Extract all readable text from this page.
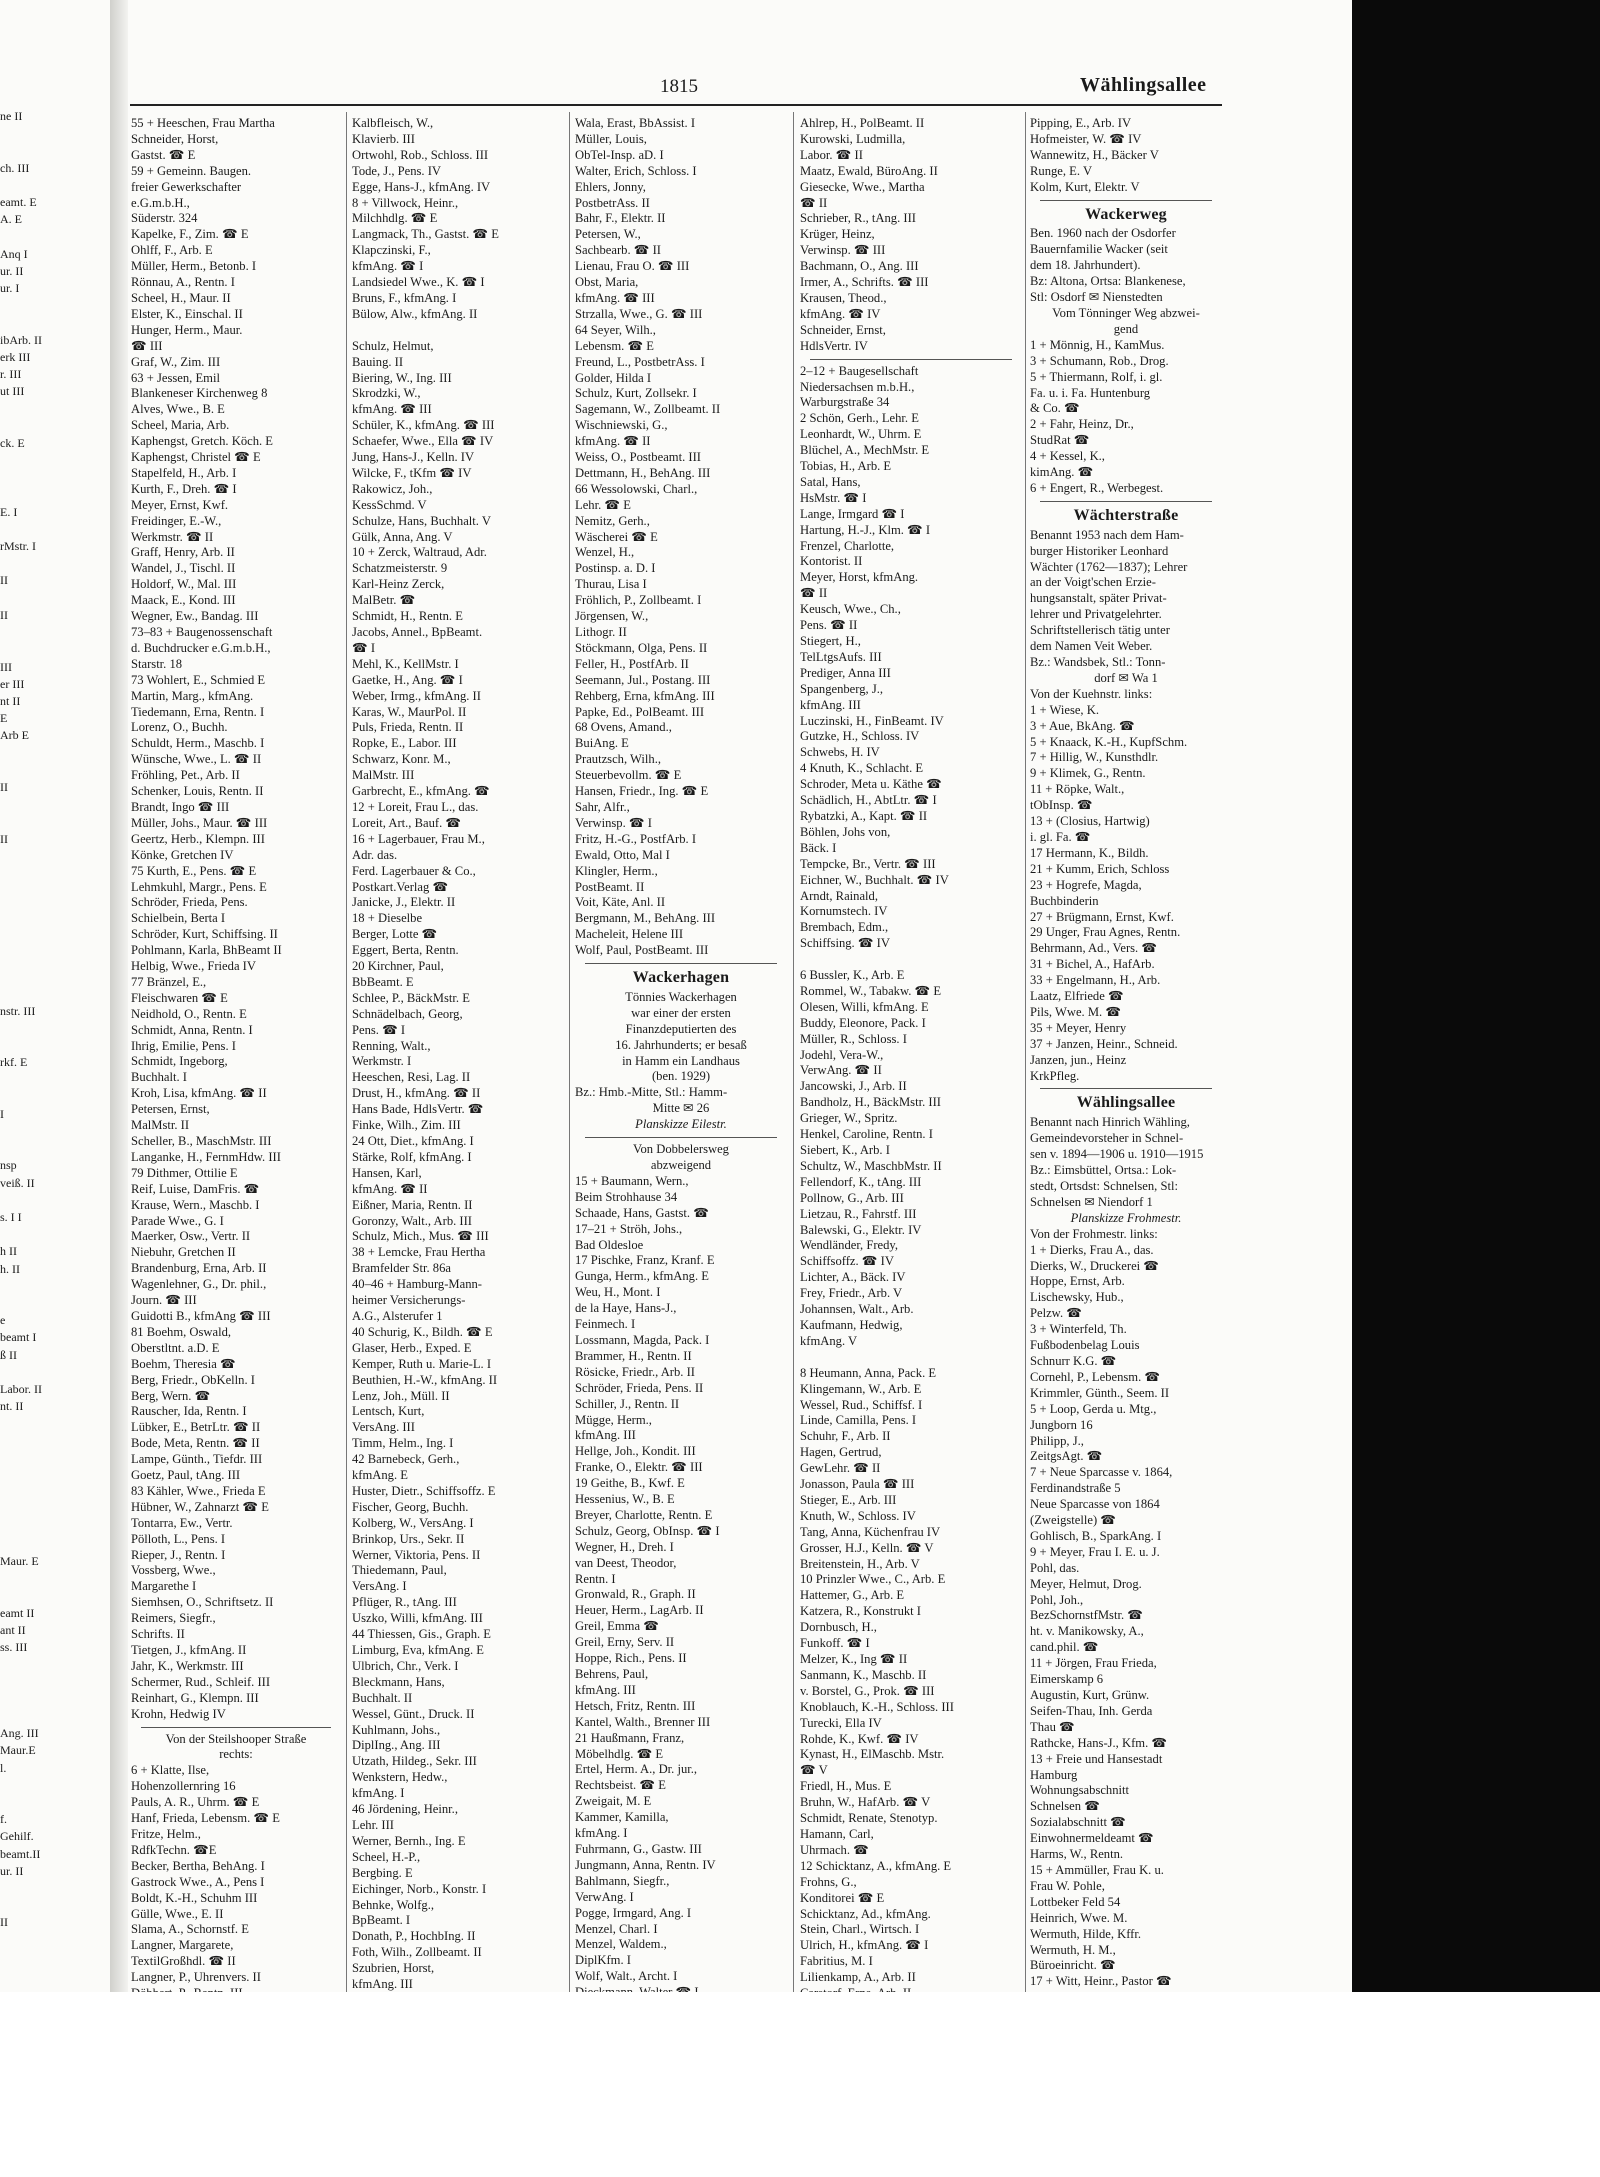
ne II

ch. III

eamt. E
A. E

Anq I
ur. II
ur. I

ibArb. II
erk III
r. III
ut III

ck. E

E. I

rMstr. I

II

II

III
er III
nt II
E
Arb E

II

II

nstr. III

rkf. E

I

nsp
veiß. II

s. I I

h II
h. II

e
beamt I
ß II

Labor. II
nt. II

Maur. E

eamt II
ant II
ss. III

Ang. III
Maur.E
l.

f.
Gehilf.
beamt.II
ur. II

II
1815	Wählingsallee
55 + Heeschen, Frau Martha
Schneider, Horst,
Gastst. ☎ E
59 + Gemeinn. Baugen.
freier Gewerkschafter
e.G.m.b.H.,
Süderstr. 324
Kapelke, F., Zim. ☎ E
Ohlff, F., Arb. E
Müller, Herm., Betonb. I
Rönnau, A., Rentn. I
Scheel, H., Maur. II
Elster, K., Einschal. II
Hunger, Herm., Maur.
☎ III
Graf, W., Zim. III
63 + Jessen, Emil
Blankeneser Kirchenweg 8
Alves, Wwe., B. E
Scheel, Maria, Arb.
Kaphengst, Gretch. Köch. E
Kaphengst, Christel ☎ E
Stapelfeld, H., Arb. I
Kurth, F., Dreh. ☎ I
Meyer, Ernst, Kwf.
Freidinger, E.-W.,
Werkmstr. ☎ II
Graff, Henry, Arb. II
Wandel, J., Tischl. II
Holdorf, W., Mal. III
Maack, E., Kond. III
Wegner, Ew., Bandag. III
73–83 + Baugenossenschaft
d. Buchdrucker e.G.m.b.H.,
Starstr. 18
73 Wohlert, E., Schmied E
Martin, Marg., kfmAng.
Tiedemann, Erna, Rentn. I
Lorenz, O., Buchh.
Schuldt, Herm., Maschb. I
Wünsche, Wwe., L. ☎ II
Fröhling, Pet., Arb. II
Schenker, Louis, Rentn. II
Brandt, Ingo ☎ III
Müller, Johs., Maur. ☎ III
Geertz, Herb., Klempn. III
Könke, Gretchen IV
75 Kurth, E., Pens. ☎ E
Lehmkuhl, Margr., Pens. E
Schröder, Frieda, Pens.
Schielbein, Berta I
Schröder, Kurt, Schiffsing. II
Pohlmann, Karla, BhBeamt II
Helbig, Wwe., Frieda IV
77 Bränzel, E.,
Fleischwaren ☎ E
Neidhold, O., Rentn. E
Schmidt, Anna, Rentn. I
Ihrig, Emilie, Pens. I
Schmidt, Ingeborg,
Buchhalt. I
Kroh, Lisa, kfmAng. ☎ II
Petersen, Ernst,
MalMstr. II
Scheller, B., MaschMstr. III
Langanke, H., FernmHdw. III
79 Dithmer, Ottilie E
Reif, Luise, DamFris. ☎
Krause, Wern., Maschb. I
Parade Wwe., G. I
Maerker, Osw., Vertr. II
Niebuhr, Gretchen II
Brandenburg, Erna, Arb. II
Wagenlehner, G., Dr. phil.,
Journ. ☎ III
Guidotti B., kfmAng ☎ III
81 Boehm, Oswald,
Oberstltnt. a.D. E
Boehm, Theresia ☎
Berg, Friedr., ObKelln. I
Berg, Wern. ☎
Rauscher, Ida, Rentn. I
Lübker, E., BetrLtr. ☎ II
Bode, Meta, Rentn. ☎ II
Lampe, Günth., Tiefdr. III
Goetz, Paul, tAng. III
83 Kähler, Wwe., Frieda E
Hübner, W., Zahnarzt ☎ E
Tontarra, Ew., Vertr.
Pölloth, L., Pens. I
Rieper, J., Rentn. I
Vossberg, Wwe.,
Margarethe I
Siemhsen, O., Schriftsetz. II
Reimers, Siegfr.,
Schrifts. II
Tietgen, J., kfmAng. II
Jahr, K., Werkmstr. III
Schermer, Rud., Schleif. III
Reinhart, G., Klempn. III
Krohn, Hedwig IV
Von der Steilshooper Straße
rechts:
6 + Klatte, Ilse,
Hohenzollernring 16
Pauls, A. R., Uhrm. ☎ E
Hanf, Frieda, Lebensm. ☎ E
Fritze, Helm.,
RdfkTechn. ☎E
Becker, Bertha, BehAng. I
Gastrock Wwe., A., Pens I
Boldt, K.-H., Schuhm III
Gülle, Wwe., E. II
Slama, A., Schornstf. E
Langner, Margarete,
TextilGroßhdl. ☎ II
Langner, P., Uhrenvers. II
Kalbfleisch, W.,
Klavierb. III
Ortwohl, Rob., Schloss. III
Tode, J., Pens. IV
Egge, Hans-J., kfmAng. IV
8 + Villwock, Heinr.,
Milchhdlg. ☎ E
Langmack, Th., Gastst. ☎ E
Klapczinski, F.,
kfmAng. ☎ I
Landsiedel Wwe., K. ☎ I
Bruns, F., kfmAng. I
Bülow, Alw., kfmAng. II

Schulz, Helmut,
Bauing. II
Biering, W., Ing. III
Skrodzki, W.,
kfmAng. ☎ III
Schüler, K., kfmAng. ☎ III
Schaefer, Wwe., Ella ☎ IV
Jung, Hans-J., Kelln. IV
Wilcke, F., tKfm ☎ IV
Rakowicz, Joh.,
KessSchmd. V
Schulze, Hans, Buchhalt. V
Gülk, Anna, Ang. V
10 + Zerck, Waltraud, Adr.
Schatzmeisterstr. 9
Karl-Heinz Zerck,
MalBetr. ☎
Schmidt, H., Rentn. E
Jacobs, Annel., BpBeamt.
☎ I
Mehl, K., KellMstr. I
Gaetke, H., Ang. ☎ I
Weber, Irmg., kfmAng. II
Karas, W., MaurPol. II
Puls, Frieda, Rentn. II
Ropke, E., Labor. III
Schwarz, Konr. M.,
MalMstr. III
Garbrecht, E., kfmAng. ☎
12 + Loreit, Frau L., das.
Loreit, Art., Bauf. ☎
16 + Lagerbauer, Frau M.,
Adr. das.
Ferd. Lagerbauer & Co.,
Postkart.Verlag ☎
Janicke, J., Elektr. II
18 + Dieselbe
Berger, Lotte ☎
Eggert, Berta, Rentn.
20 Kirchner, Paul,
BbBeamt. E
Schlee, P., BäckMstr. E
Schnädelbach, Georg,
Pens. ☎ I
Renning, Walt.,
Werkmstr. I
Heeschen, Resi, Lag. II
Drust, H., kfmAng. ☎ II
Hans Bade, HdlsVertr. ☎
Finke, Wilh., Zim. III
24 Ott, Diet., kfmAng. I
Stärke, Rolf, kfmAng. I
Hansen, Karl,
kfmAng. ☎ II
Eißner, Maria, Rentn. II
Goronzy, Walt., Arb. III
Schulz, Mich., Mus. ☎ III
38 + Lemcke, Frau Hertha
Bramfelder Str. 86a
40–46 + Hamburg-Mann-
heimer Versicherungs-
A.G., Alsterufer 1
40 Schurig, K., Bildh. ☎ E
Glaser, Herb., Exped. E
Kemper, Ruth u. Marie-L. I
Beuthien, H.-W., kfmAng. II
Lenz, Joh., Müll. II
Lentsch, Kurt,
VersAng. III
Timm, Helm., Ing. I
42 Barnebeck, Gerh.,
kfmAng. E
Huster, Dietr., Schiffsoffz. E
Fischer, Georg, Buchh.
Kolberg, W., VersAng. I
Brinkop, Urs., Sekr. II
Werner, Viktoria, Pens. II
Thiedemann, Paul,
VersAng. I
Pflüger, R., tAng. III
Uszko, Willi, kfmAng. III
44 Thiessen, Gis., Graph. E
Limburg, Eva, kfmAng. E
Ulbrich, Chr., Verk. I
Bleckmann, Hans,
Buchhalt. II
Wessel, Günt., Druck. II
Kuhlmann, Johs.,
DiplIng., Ang. III
Utzath, Hildeg., Sekr. III
Wenkstern, Hedw.,
kfmAng. I
46 Jördening, Heinr.,
Lehr. III
Werner, Bernh., Ing. E
Scheel, H.-P.,
Bergbing. E
Eichinger, Norb., Konstr. I
Behnke, Wolfg.,
BpBeamt. I
Donath, P., HochbIng. II
Foth, Wilh., Zollbeamt. II
Szubrien, Horst,
kfmAng. III
Wala, Erast, BbAssist. I
Müller, Louis,
ObTel-Insp. aD. I
Walter, Erich, Schloss. I
Ehlers, Jonny,
PostbetrAss. II
Bahr, F., Elektr. II
Petersen, W.,
Sachbearb. ☎ II
Lienau, Frau O. ☎ III
Obst, Maria,
kfmAng. ☎ III
Strzalla, Wwe., G. ☎ III
64 Seyer, Wilh.,
Lebensm. ☎ E
Freund, L., PostbetrAss. I
Golder, Hilda I
Schulz, Kurt, Zollsekr. I
Sagemann, W., Zollbeamt. II
Wischniewski, G.,
kfmAng. ☎ II
Weiss, O., Postbeamt. III
Dettmann, H., BehAng. III
66 Wessolowski, Charl.,
Lehr. ☎ E
Nemitz, Gerh.,
Wäscherei ☎ E
Wenzel, H.,
Postinsp. a. D. I
Thurau, Lisa I
Fröhlich, P., Zollbeamt. I
Jörgensen, W.,
Lithogr. II
Stöckmann, Olga, Pens. II
Feller, H., PostfArb. II
Seemann, Jul., Postang. III
Rehberg, Erna, kfmAng. III
Papke, Ed., PolBeamt. III
68 Ovens, Amand.,
BuiAng. E
Prautzsch, Wilh.,
Steuerbevollm. ☎ E
Hansen, Friedr., Ing. ☎ E
Sahr, Alfr.,
Verwinsp. ☎ I
Fritz, H.-G., PostfArb. I
Ewald, Otto, Mal I
Klingler, Herm.,
PostBeamt. II
Voit, Käte, Anl. II
Bergmann, M., BehAng. III
Macheleit, Helene III
Wolf, Paul, PostBeamt. III
Wackerhagen
Tönnies Wackerhagen
war einer der ersten
Finanzdeputierten des
16. Jahrhunderts; er besaß
in Hamm ein Landhaus
(ben. 1929)
Bz.: Hmb.-Mitte, Stl.: Hamm-
Mitte ✉ 26
Planskizze Eilestr.
Von Dobbelersweg
abzweigend
15 + Baumann, Wern.,
Beim Strohhause 34
Schaade, Hans, Gastst. ☎
17–21 + Ströh, Johs.,
Bad Oldesloe
17 Pischke, Franz, Kranf. E
Gunga, Herm., kfmAng. E
Weu, H., Mont. I
de la Haye, Hans-J.,
Feinmech. I
Lossmann, Magda, Pack. I
Brammer, H., Rentn. II
Rösicke, Friedr., Arb. II
Schröder, Frieda, Pens. II
Schiller, J., Rentn. II
Mügge, Herm.,
kfmAng. III
Hellge, Joh., Kondit. III
Franke, O., Elektr. ☎ III
19 Geithe, B., Kwf. E
Hessenius, W., B. E
Breyer, Charlotte, Rentn. E
Schulz, Georg, ObInsp. ☎ I
Wegner, H., Dreh. I
van Deest, Theodor,
Rentn. I
Gronwald, R., Graph. II
Heuer, Herm., LagArb. II
Greil, Emma ☎
Greil, Erny, Serv. II
Hoppe, Rich., Pens. II
Behrens, Paul,
kfmAng. III
Hetsch, Fritz, Rentn. III
Kantel, Walth., Brenner III
21 Haußmann, Franz,
Möbelhdlg. ☎ E
Ertel, Herm. A., Dr. jur.,
Rechtsbeist. ☎ E
Zweigait, M. E
Kammer, Kamilla,
kfmAng. I
Fuhrmann, G., Gastw. III
Jungmann, Anna, Rentn. IV
Bahlmann, Siegfr.,
VerwAng. I
Pogge, Irmgard, Ang. I
Menzel, Charl. I
Menzel, Waldem.,
DiplKfm. I
Wolf, Walt., Archt. I
Ahlrep, H., PolBeamt. II
Kurowski, Ludmilla,
Labor. ☎ II
Maatz, Ewald, BüroAng. II
Giesecke, Wwe., Martha
☎ II
Schrieber, R., tAng. III
Krüger, Heinz,
Verwinsp. ☎ III
Bachmann, O., Ang. III
Irmer, A., Schrifts. ☎ III
Krausen, Theod.,
kfmAng. ☎ IV
Schneider, Ernst,
HdlsVertr. IV
2–12 + Baugesellschaft
Niedersachsen m.b.H.,
Warburgstraße 34
2 Schön, Gerh., Lehr. E
Leonhardt, W., Uhrm. E
Blüchel, A., MechMstr. E
Tobias, H., Arb. E
Satal, Hans,
HsMstr. ☎ I
Lange, Irmgard ☎ I
Hartung, H.-J., Klm. ☎ I
Frenzel, Charlotte,
Kontorist. II
Meyer, Horst, kfmAng.
☎ II
Keusch, Wwe., Ch.,
Pens. ☎ II
Stiegert, H.,
TelLtgsAufs. III
Prediger, Anna III
Spangenberg, J.,
kfmAng. III
Luczinski, H., FinBeamt. IV
Gutzke, H., Schloss. IV
Schwebs, H. IV
4 Knuth, K., Schlacht. E
Schroder, Meta u. Käthe ☎
Schädlich, H., AbtLtr. ☎ I
Rybatzki, A., Kapt. ☎ II
Böhlen, Johs von,
Bäck. I
Tempcke, Br., Vertr. ☎ III
Eichner, W., Buchhalt. ☎ IV
Arndt, Rainald,
Kornumstech. IV
Brembach, Edm.,
Schiffsing. ☎ IV

6 Bussler, K., Arb. E
Rommel, W., Tabakw. ☎ E
Olesen, Willi, kfmAng. E
Buddy, Eleonore, Pack. I
Müller, R., Schloss. I
Jodehl, Vera-W.,
VerwAng. ☎ II
Jancowski, J., Arb. II
Bandholz, H., BäckMstr. III
Grieger, W., Spritz.
Henkel, Caroline, Rentn. I
Siebert, K., Arb. I
Schultz, W., MaschbMstr. II
Fellendorf, K., tAng. III
Pollnow, G., Arb. III
Lietzau, R., Fahrstf. III
Balewski, G., Elektr. IV
Wendländer, Fredy,
Schiffsoffz. ☎ IV
Lichter, A., Bäck. IV
Frey, Friedr., Arb. V
Johannsen, Walt., Arb.
Kaufmann, Hedwig,
kfmAng. V

8 Heumann, Anna, Pack. E
Klingemann, W., Arb. E
Wessel, Rud., Schiffsf. I
Linde, Camilla, Pens. I
Schuhr, F., Arb. II
Hagen, Gertrud,
GewLehr. ☎ II
Jonasson, Paula ☎ III
Stieger, E., Arb. III
Knuth, W., Schloss. IV
Tang, Anna, Küchenfrau IV
Grosser, H.J., Kelln. ☎ V
Breitenstein, H., Arb. V
10 Prinzler Wwe., C., Arb. E
Hattemer, G., Arb. E
Katzera, R., Konstrukt I
Dornbusch, H.,
Funkoff. ☎ I
Melzer, K., Ing ☎ II
Sanmann, K., Maschb. II
v. Borstel, G., Prok. ☎ III
Knoblauch, K.-H., Schloss. III
Turecki, Ella IV
Rohde, K., Kwf. ☎ IV
Kynast, H., ElMaschb. Mstr.
☎ V
Friedl, H., Mus. E
Bruhn, W., HafArb. ☎ V
Schmidt, Renate, Stenotyp.
Hamann, Carl,
Uhrmach. ☎
12 Schicktanz, A., kfmAng. E
Frohns, G.,
Konditorei ☎ E
Schicktanz, Ad., kfmAng.
Stein, Charl., Wirtsch. I
Ulrich, H., kfmAng. ☎ I
Fabritius, M. I
Lilienkamp, A., Arb. II
Pipping, E., Arb. IV
Hofmeister, W. ☎ IV
Wannewitz, H., Bäcker V
Runge, E. V
Kolm, Kurt, Elektr. V
Wackerweg
Ben. 1960 nach der Osdorfer
Bauernfamilie Wacker (seit
dem 18. Jahrhundert).
Bz: Altona, Ortsa: Blankenese,
Stl: Osdorf ✉ Nienstedten
Vom Tönninger Weg abzwei-
gend
1 + Mönnig, H., KamMus.
3 + Schumann, Rob., Drog.
5 + Thiermann, Rolf, i. gl.
Fa. u. i. Fa. Huntenburg
& Co. ☎
2 + Fahr, Heinz, Dr.,
StudRat ☎
4 + Kessel, K.,
kimAng. ☎
6 + Engert, R., Werbegest.
Wächterstraße
Benannt 1953 nach dem Ham-
burger Historiker Leonhard
Wächter (1762—1837); Lehrer
an der Voigt'schen Erzie-
hungsanstalt, später Privat-
lehrer und Privatgelehrter.
Schriftstellerisch tätig unter
dem Namen Veit Weber.
Bz.: Wandsbek, Stl.: Tonn-
dorf ✉ Wa 1
Von der Kuehnstr. links:
1 + Wiese, K.
3 + Aue, BkAng. ☎
5 + Knaack, K.-H., KupfSchm.
7 + Hillig, W., Kunsthdlr.
9 + Klimek, G., Rentn.
11 + Röpke, Walt.,
tObInsp. ☎
13 + (Closius, Hartwig)
i. gl. Fa. ☎
17 Hermann, K., Bildh.
21 + Kumm, Erich, Schloss
23 + Hogrefe, Magda,
Buchbinderin
27 + Brügmann, Ernst, Kwf.
29 Unger, Frau Agnes, Rentn.
Behrmann, Ad., Vers. ☎
31 + Bichel, A., HafArb.
33 + Engelmann, H., Arb.
Laatz, Elfriede ☎
Pils, Wwe. M. ☎
35 + Meyer, Henry
37 + Janzen, Heinr., Schneid.
Janzen, jun., Heinz
KrkPfleg.
Wählingsallee
Benannt nach Hinrich Wähling,
Gemeindevorsteher in Schnel-
sen v. 1894—1906 u. 1910—1915
Bz.: Eimsbüttel, Ortsa.: Lok-
stedt, Ortsdst: Schnelsen, Stl:
Schnelsen ✉ Niendorf 1
Planskizze Frohmestr.
Von der Frohmestr. links:
1 + Dierks, Frau A., das.
Dierks, W., Druckerei ☎
Hoppe, Ernst, Arb.
Lischewsky, Hub.,
Pelzw. ☎
3 + Winterfeld, Th.
Fußbodenbelag Louis
Schnurr K.G. ☎
Cornehl, P., Lebensm. ☎
Krimmler, Günth., Seem. II
5 + Loop, Gerda u. Mtg.,
Jungborn 16
Philipp, J.,
ZeitgsAgt. ☎
7 + Neue Sparcasse v. 1864,
Ferdinandstraße 5
Neue Sparcasse von 1864
(Zweigstelle) ☎
Gohlisch, B., SparkAng. I
9 + Meyer, Frau I. E. u. J.
Pohl, das.
Meyer, Helmut, Drog.
Pohl, Joh.,
BezSchornstfMstr. ☎
ht. v. Manikowsky, A.,
cand.phil. ☎
11 + Jörgen, Frau Frieda,
Eimerskamp 6
Augustin, Kurt, Grünw.
Seifen-Thau, Inh. Gerda
Thau ☎
Rathcke, Hans-J., Kfm. ☎
13 + Freie und Hansestadt
Hamburg
Wohnungsabschnitt
Schnelsen ☎
Sozialabschnitt ☎
Einwohnermeldeamt ☎
Harms, W., Rentn.
15 + Ammüller, Frau K. u.
Frau W. Pohle,
Lottbeker Feld 54
Heinrich, Wwe. M.
Wermuth, Hilde, Kffr.
Wermuth, H. M.,
Büroeinricht. ☎
17 + Witt, Heinr., Pastor ☎
